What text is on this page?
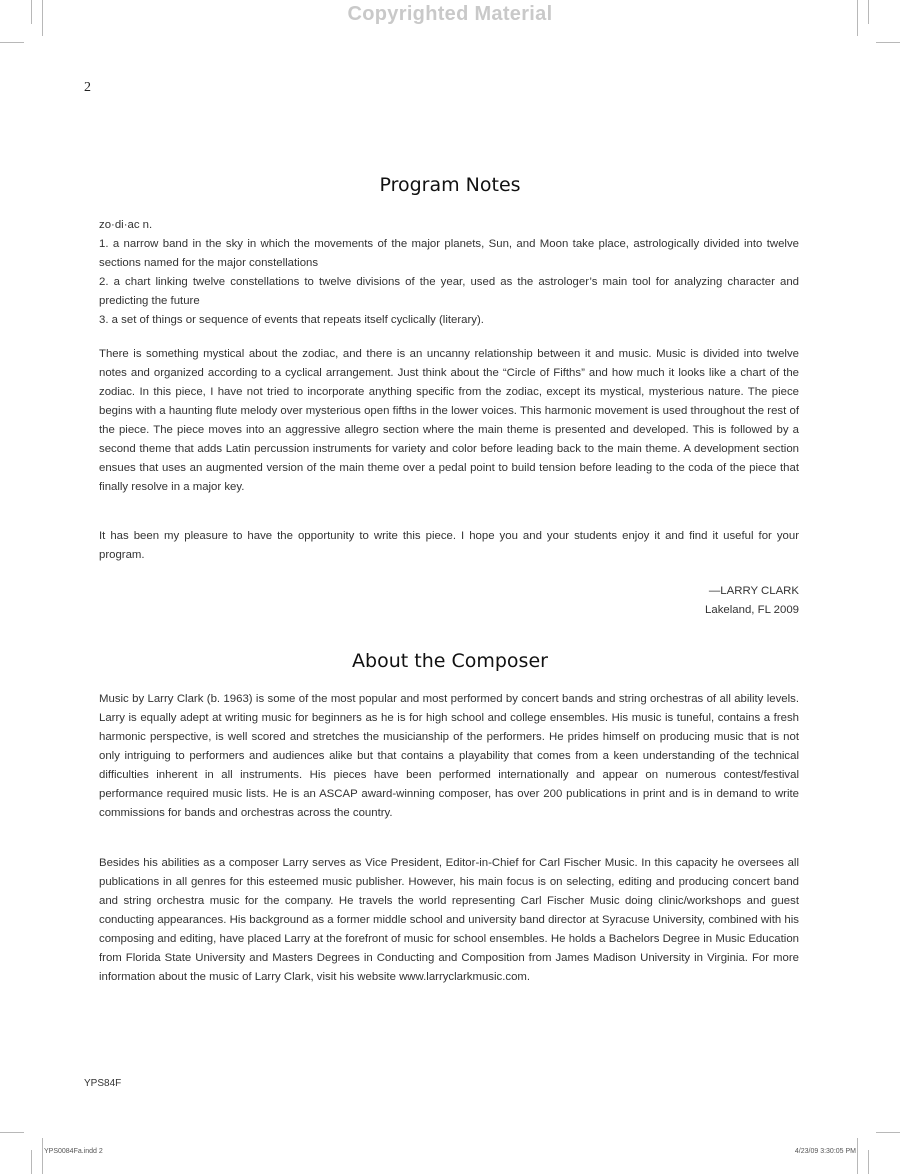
Copyrighted Material
2
Program Notes

zo·di·ac n.

1. a narrow band in the sky in which the movements of the major planets, Sun, and Moon take place, astrologically divided into twelve sections named for the major constellations

2. a chart linking twelve constellations to twelve divisions of the year, used as the astrologer’s main tool for analyzing character and predicting the future

3. a set of things or sequence of events that repeats itself cyclically (literary).

There is something mystical about the zodiac, and there is an uncanny relationship between it and music. Music is divided into twelve notes and organized according to a cyclical arrangement. Just think about the “Circle of Fifths” and how much it looks like a chart of the zodiac. In this piece, I have not tried to incorporate anything specific from the zodiac, except its mystical, mysterious nature. The piece begins with a haunting flute melody over mysterious open fifths in the lower voices. This harmonic movement is used throughout the rest of the piece. The piece moves into an aggressive allegro section where the main theme is presented and developed. This is followed by a second theme that adds Latin percussion instruments for variety and color before leading back to the main theme. A development section ensues that uses an augmented version of the main theme over a pedal point to build tension before leading to the coda of the piece that finally resolve in a major key.

It has been my pleasure to have the opportunity to write this piece. I hope you and your students enjoy it and find it useful for your program.

—LARRY CLARK
Lakeland, FL 2009
About the Composer

Music by Larry Clark (b. 1963) is some of the most popular and most performed by concert bands and string orchestras of all ability levels. Larry is equally adept at writing music for beginners as he is for high school and college ensembles. His music is tuneful, contains a fresh harmonic perspective, is well scored and stretches the musicianship of the performers. He prides himself on producing music that is not only intriguing to performers and audiences alike but that contains a playability that comes from a keen understanding of the technical difficulties inherent in all instruments. His pieces have been performed internationally and appear on numerous contest/festival performance required music lists. He is an ASCAP award-winning composer, has over 200 publications in print and is in demand to write commissions for bands and orchestras across the country.

Besides his abilities as a composer Larry serves as Vice President, Editor-in-Chief for Carl Fischer Music. In this capacity he oversees all publications in all genres for this esteemed music publisher. However, his main focus is on selecting, editing and producing concert band and string orchestra music for the company. He travels the world representing Carl Fischer Music doing clinic/workshops and guest conducting appearances. His background as a former middle school and university band director at Syracuse University, combined with his composing and editing, have placed Larry at the forefront of music for school ensembles. He holds a Bachelors Degree in Music Education from Florida State University and Masters Degrees in Conducting and Composition from James Madison University in Virginia. For more information about the music of Larry Clark, visit his website www.larryclarkmusic.com.

YPS84F
YPS0084Fa.indd 2	4/23/09 3:30:05 PM
